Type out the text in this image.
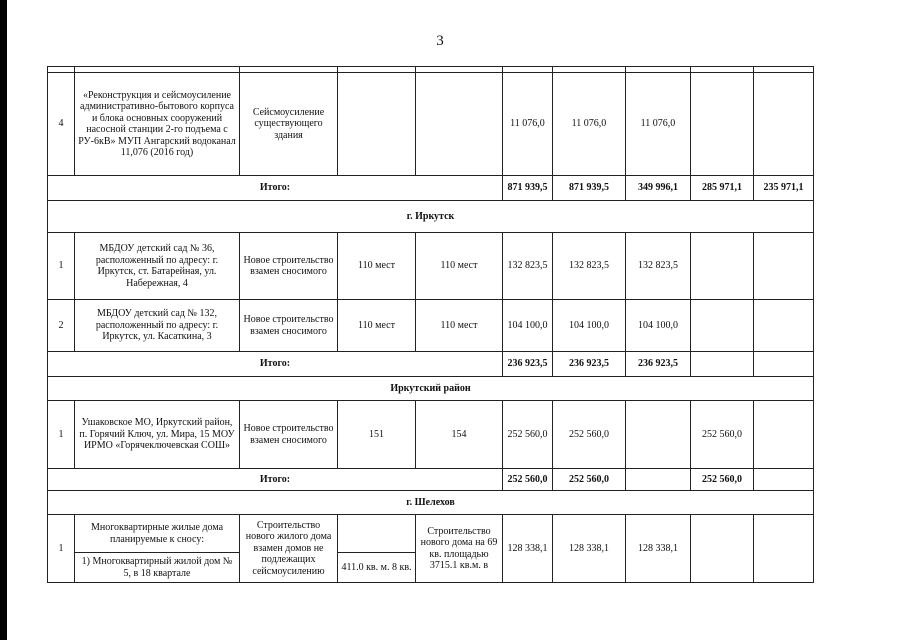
3

4	«Реконструкция и сейсмоусиление административно-бытового корпуса и блока основных сооружений насосной станции 2-го подъема с РУ-6кВ» МУП Ангарский водоканал 11,076 (2016 год)	Сейсмоусиление существующего здания			11 076,0	11 076,0	11 076,0			
Итого:					871 939,5	871 939,5	349 996,1	285 971,1	235 971,1	
г. Иркутск										
1	МБДОУ детский сад № 36, расположенный по адресу: г. Иркутск, ст. Батарейная, ул. Набережная, 4	Новое строительство взамен сносимого	110 мест	110 мест	132 823,5	132 823,5	132 823,5			
2	МБДОУ детский сад № 132, расположенный по адресу: г. Иркутск, ул. Касаткина, 3	Новое строительство взамен сносимого	110 мест	110 мест	104 100,0	104 100,0	104 100,0			
Итого:					236 923,5	236 923,5	236 923,5			
Иркутский район										
1	Ушаковское МО, Иркутский район, п. Горячий Ключ, ул. Мира, 15 МОУ ИРМО «Горячеключевская СОШ»	Новое строительство взамен сносимого	151	154	252 560,0	252 560,0		252 560,0		
Итого:					252 560,0	252 560,0		252 560,0		
г. Шелехов										
1	Многоквартирные жилые дома планируемые к сносу:	Строительство нового жилого дома взамен домов не подлежащих сейсмоусилению		Строительство нового дома на 69 кв. площадью 3715.1 кв.м. в	128 338,1	128 338,1	128 338,1			
	1) Многоквартирный жилой дом № 5, в 18 квартале		411.0 кв. м. 8 кв.							
